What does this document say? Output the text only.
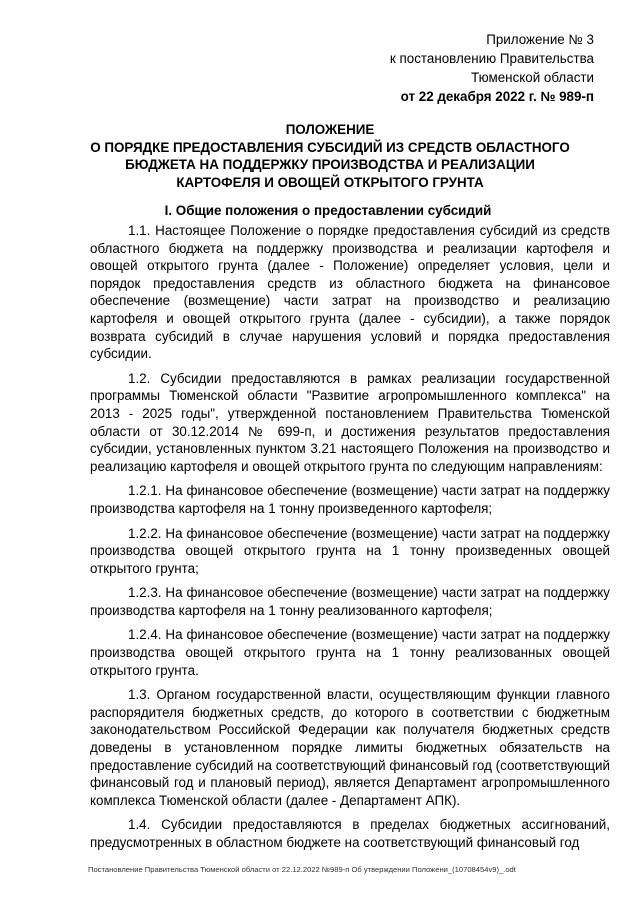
Приложение № 3
к постановлению Правительства
Тюменской области
от 22 декабря 2022 г. № 989-п
ПОЛОЖЕНИЕ
О ПОРЯДКЕ ПРЕДОСТАВЛЕНИЯ СУБСИДИЙ ИЗ СРЕДСТВ ОБЛАСТНОГО
БЮДЖЕТА НА ПОДДЕРЖКУ ПРОИЗВОДСТВА И РЕАЛИЗАЦИИ
КАРТОФЕЛЯ И ОВОЩЕЙ ОТКРЫТОГО ГРУНТА
I. Общие положения о предоставлении субсидий

1.1. Настоящее Положение о порядке предоставления субсидий из средств областного бюджета на поддержку производства и реализации картофеля и овощей открытого грунта (далее - Положение) определяет условия, цели и порядок предоставления средств из областного бюджета на финансовое обеспечение (возмещение) части затрат на производство и реализацию картофеля и овощей открытого грунта (далее - субсидии), а также порядок возврата субсидий в случае нарушения условий и порядка предоставления субсидии.

1.2. Субсидии предоставляются в рамках реализации государственной программы Тюменской области "Развитие агропромышленного комплекса" на 2013 - 2025 годы", утвержденной постановлением Правительства Тюменской области от 30.12.2014 № 699-п, и достижения результатов предоставления субсидии, установленных пунктом 3.21 настоящего Положения на производство и реализацию картофеля и овощей открытого грунта по следующим направлениям:

1.2.1. На финансовое обеспечение (возмещение) части затрат на поддержку производства картофеля на 1 тонну произведенного картофеля;

1.2.2. На финансовое обеспечение (возмещение) части затрат на поддержку производства овощей открытого грунта на 1 тонну произведенных овощей открытого грунта;

1.2.3. На финансовое обеспечение (возмещение) части затрат на поддержку производства картофеля на 1 тонну реализованного картофеля;

1.2.4. На финансовое обеспечение (возмещение) части затрат на поддержку производства овощей открытого грунта на 1 тонну реализованных овощей открытого грунта.

1.3. Органом государственной власти, осуществляющим функции главного распорядителя бюджетных средств, до которого в соответствии с бюджетным законодательством Российской Федерации как получателя бюджетных средств доведены в установленном порядке лимиты бюджетных обязательств на предоставление субсидий на соответствующий финансовый год (соответствующий финансовый год и плановый период), является Департамент агропромышленного комплекса Тюменской области (далее - Департамент АПК).

1.4. Субсидии предоставляются в пределах бюджетных ассигнований, предусмотренных в областном бюджете на соответствующий финансовый год

Постановление Правительства Тюменской области от 22.12.2022 №989-п Об утверждении Положени_(10708454v9)_.odt
